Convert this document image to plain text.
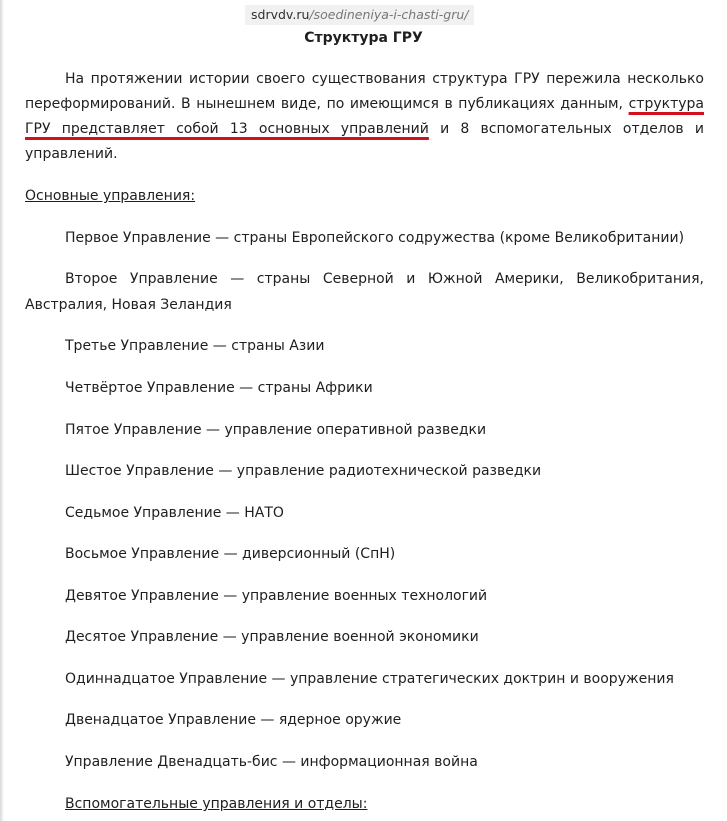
sdrvdv.ru/soedineniya-i-chasti-gru/
Структура ГРУ

На протяжении истории своего существования структура ГРУ пережила несколько переформирований. В нынешнем виде, по имеющимся в публикациях данным, структура ГРУ представляет собой 13 основных управлений и 8 вспомогательных отделов и управлений.

Основные управления:
Первое Управление — страны Европейского содружества (кроме Великобритании)
Второе Управление — страны Северной и Южной Америки, Великобритания, Австралия, Новая Зеландия
Третье Управление — страны Азии
Четвёртое Управление — страны Африки
Пятое Управление — управление оперативной разведки
Шестое Управление — управление радиотехнической разведки
Седьмое Управление — НАТО
Восьмое Управление — диверсионный (СпН)
Девятое Управление — управление военных технологий
Десятое Управление — управление военной экономики
Одиннадцатое Управление — управление стратегических доктрин и вооружения
Двенадцатое Управление — ядерное оружие
Управление Двенадцать-бис — информационная война
Вспомогательные управления и отделы:
